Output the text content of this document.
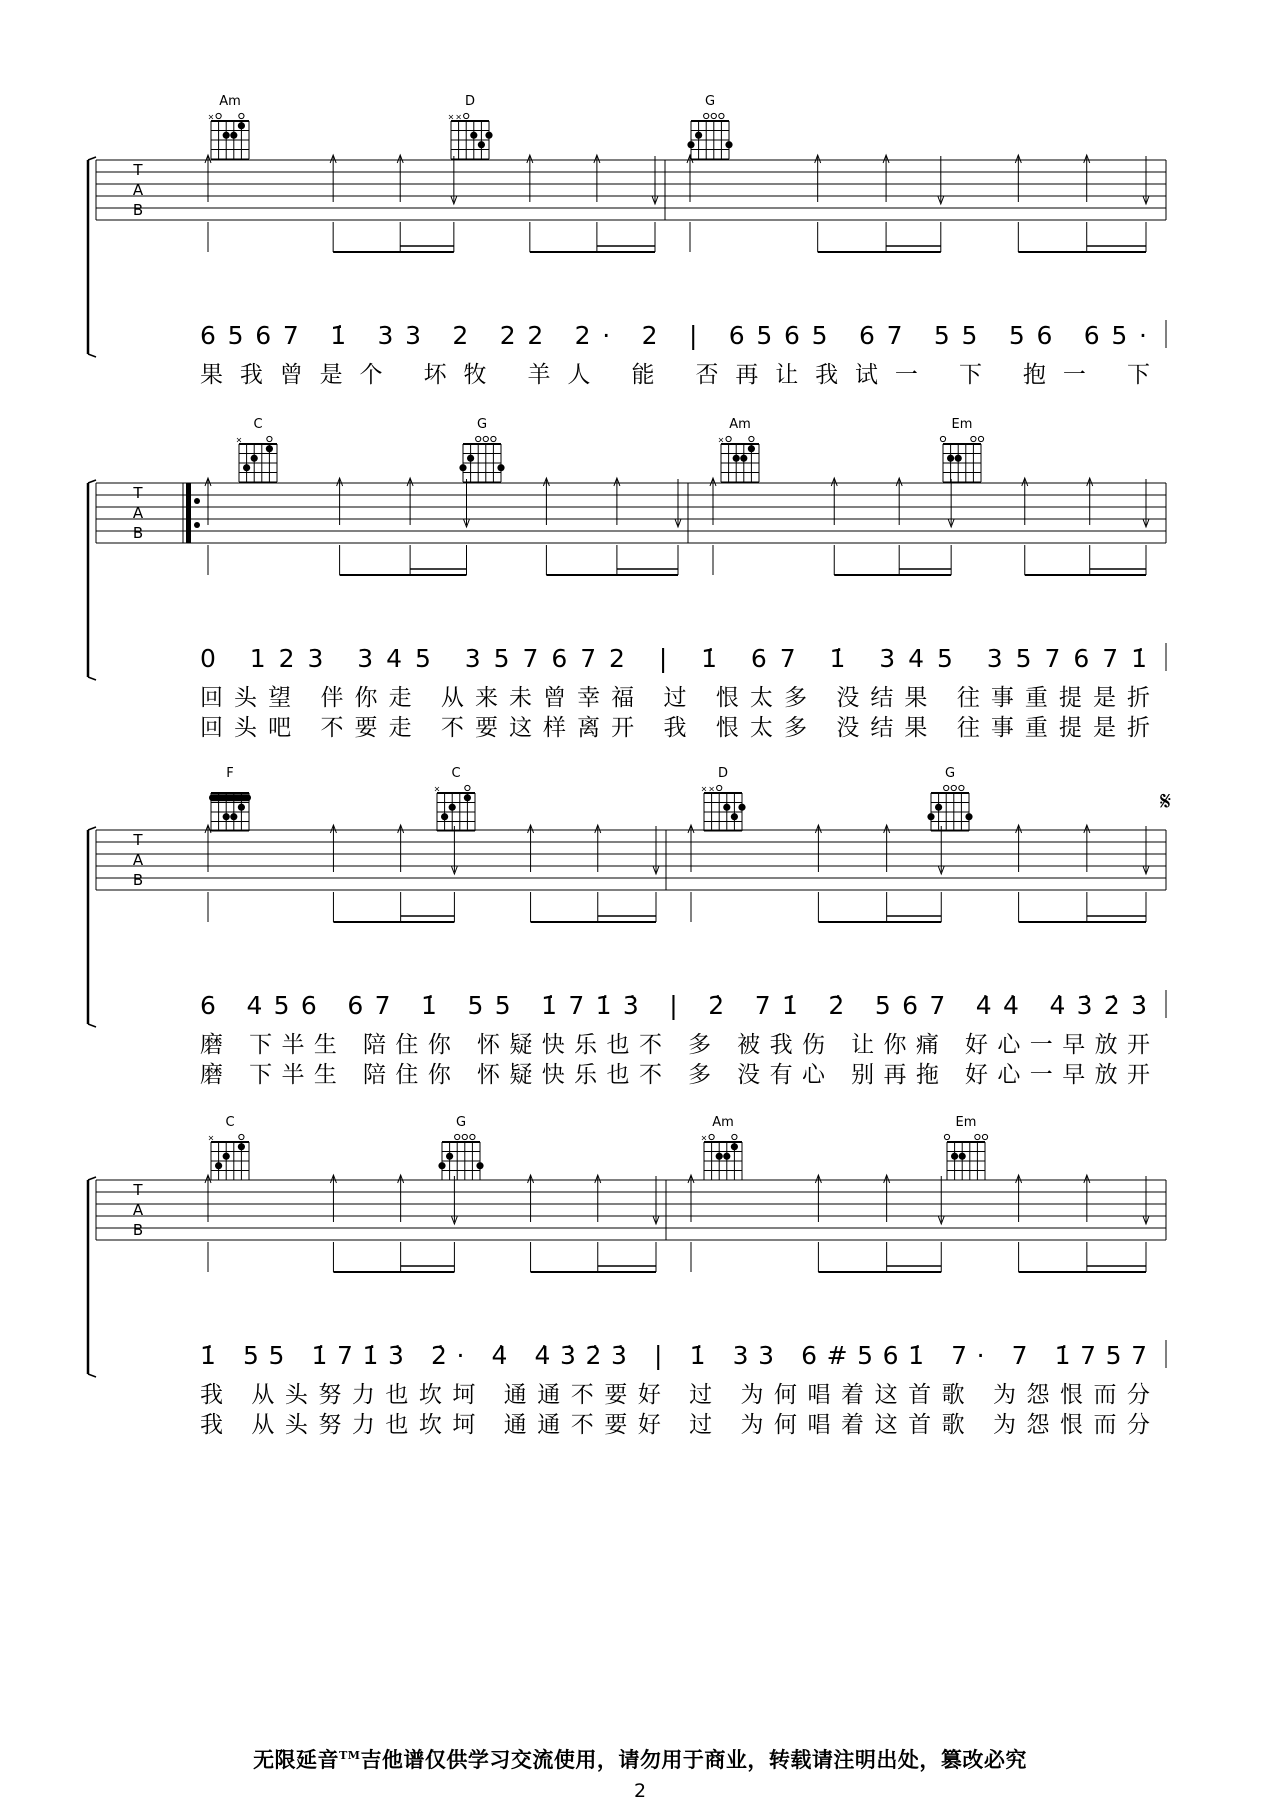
T
A
B
6567 1̇ 33 2 22 2· 2 | 6565 67 55 56 65·
果我曾是个 坏牧 羊人 能 否再让我试一 下 抱一 下
Am
×
D
× ×
G
T
A
B
0 123 345 357672 | 1̇ 67 1̇ 345 357671̇
回头望 伴你走 从来未曾幸福 过 恨太多 没结果 往事重提是折
回头吧 不要走 不要这样离开 我 恨太多 没结果 往事重提是折
C
×
G	Am
×
Em
T
A
B
𝄋
6 456 67 1̇ 55 1̇71̇3̇ | 2̇ 71̇ 2̇ 567 4̇4̇ 4̇3̇2̇3̇
磨 下半生 陪住你 怀疑快乐也不 多 被我伤 让你痛 好心一早放开
磨 下半生 陪住你 怀疑快乐也不 多 没有心 别再拖 好心一早放开
F	C
×
D
× ×
G
T
A
B
1̇ 55 1̇71̇3̇ 2̇· 4̇ 4̇3̇2̇3̇ | 1̇ 33 6#561̇ 7· 7 1̇757
我 从头努力也坎坷 通通不要好 过 为何唱着这首歌 为怨恨而分
我 从头努力也坎坷 通通不要好 过 为何唱着这首歌 为怨恨而分
C
×
G	Am
×
Em
无限延音™吉他谱仅供学习交流使用，请勿用于商业，转载请注明出处，篡改必究
2
